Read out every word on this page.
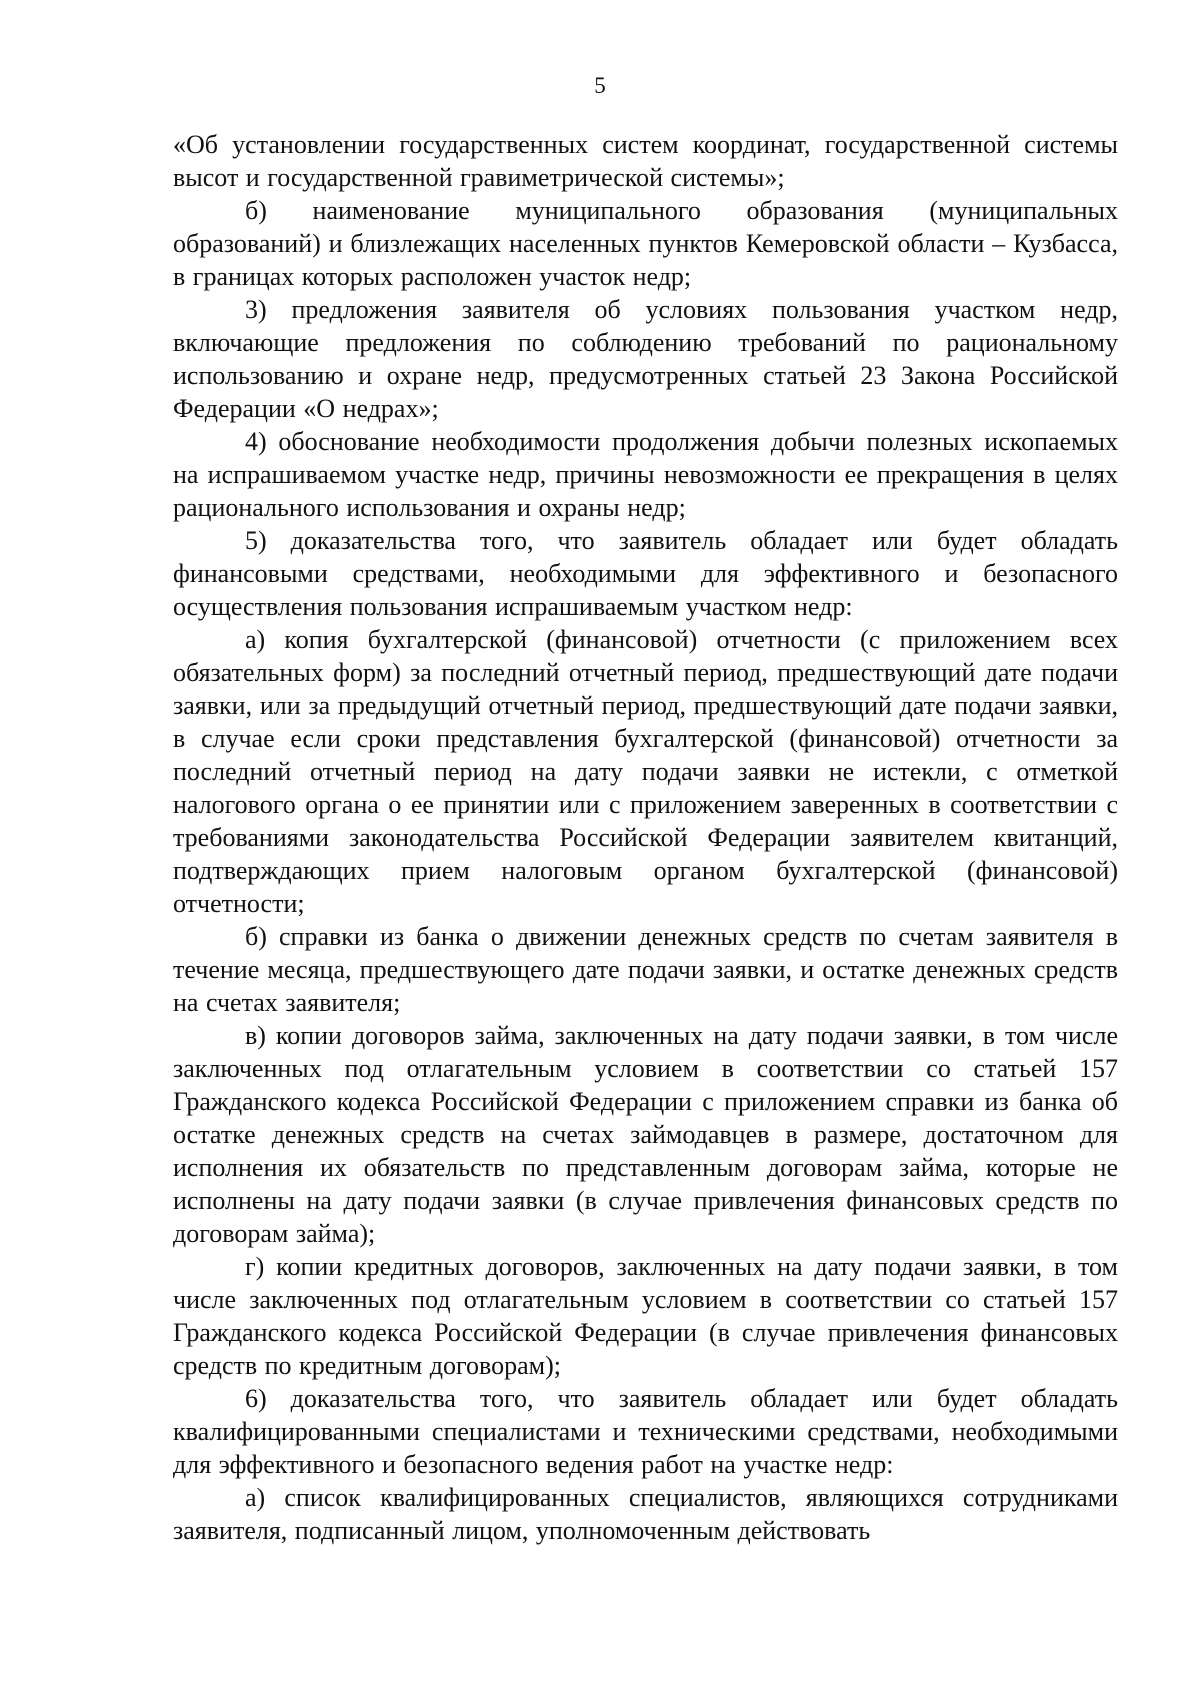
5

«Об установлении государственных систем координат, государственной системы высот и государственной гравиметрической системы»;

б) наименование муниципального образования (муниципальных образований) и близлежащих населенных пунктов Кемеровской области – Кузбасса, в границах которых расположен участок недр;

3) предложения заявителя об условиях пользования участком недр, включающие предложения по соблюдению требований по рациональному использованию и охране недр, предусмотренных статьей 23 Закона Российской Федерации «О недрах»;

4) обоснование необходимости продолжения добычи полезных ископаемых на испрашиваемом участке недр, причины невозможности ее прекращения в целях рационального использования и охраны недр;

5) доказательства того, что заявитель обладает или будет обладать финансовыми средствами, необходимыми для эффективного и безопасного осуществления пользования испрашиваемым участком недр:

а) копия бухгалтерской (финансовой) отчетности (с приложением всех обязательных форм) за последний отчетный период, предшествующий дате подачи заявки, или за предыдущий отчетный период, предшествующий дате подачи заявки, в случае если сроки представления бухгалтерской (финансовой) отчетности за последний отчетный период на дату подачи заявки не истекли, с отметкой налогового органа о ее принятии или с приложением заверенных в соответствии с требованиями законодательства Российской Федерации заявителем квитанций, подтверждающих прием налоговым органом бухгалтерской (финансовой) отчетности;

б) справки из банка о движении денежных средств по счетам заявителя в течение месяца, предшествующего дате подачи заявки, и остатке денежных средств на счетах заявителя;

в) копии договоров займа, заключенных на дату подачи заявки, в том числе заключенных под отлагательным условием в соответствии со статьей 157 Гражданского кодекса Российской Федерации с приложением справки из банка об остатке денежных средств на счетах займодавцев в размере, достаточном для исполнения их обязательств по представленным договорам займа, которые не исполнены на дату подачи заявки (в случае привлечения финансовых средств по договорам займа);

г) копии кредитных договоров, заключенных на дату подачи заявки, в том числе заключенных под отлагательным условием в соответствии со статьей 157 Гражданского кодекса Российской Федерации (в случае привлечения финансовых средств по кредитным договорам);

6) доказательства того, что заявитель обладает или будет обладать квалифицированными специалистами и техническими средствами, необходимыми для эффективного и безопасного ведения работ на участке недр:

а) список квалифицированных специалистов, являющихся сотрудниками заявителя, подписанный лицом, уполномоченным действовать
